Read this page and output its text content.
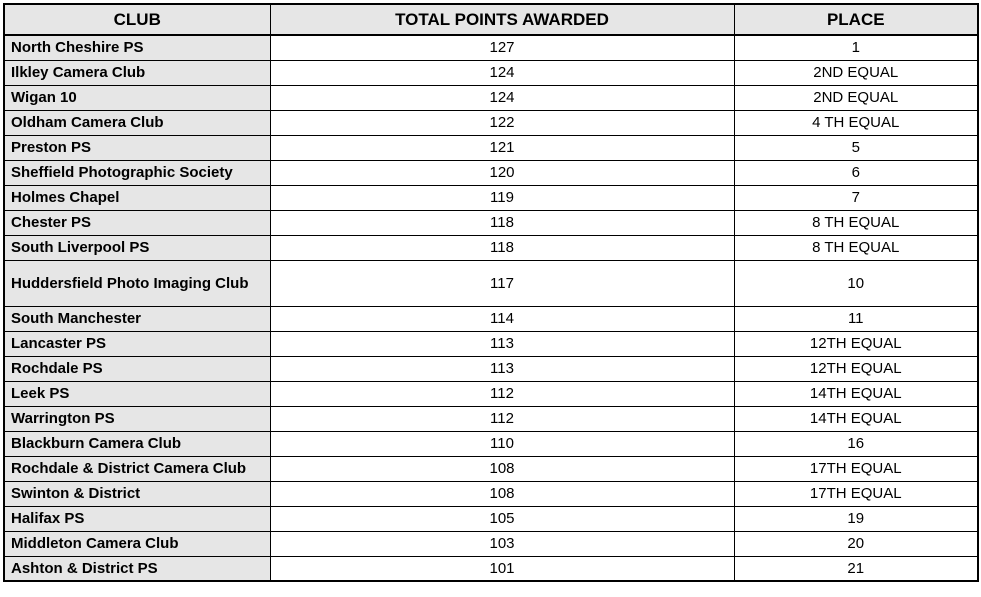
CLUB	TOTAL POINTS AWARDED	PLACE
North Cheshire PS	127	1
Ilkley Camera Club	124	2ND EQUAL
Wigan 10	124	2ND EQUAL
Oldham Camera Club	122	4 TH EQUAL
Preston PS	121	5
Sheffield Photographic Society	120	6
Holmes Chapel	119	7
Chester PS	118	8 TH EQUAL
South Liverpool PS	118	8 TH EQUAL
Huddersfield Photo Imaging Club	117	10
South Manchester	114	11
Lancaster PS	113	12TH EQUAL
Rochdale PS	113	12TH EQUAL
Leek PS	112	14TH EQUAL
Warrington PS	112	14TH EQUAL
Blackburn Camera Club	110	16
Rochdale & District Camera Club	108	17TH EQUAL
Swinton & District	108	17TH EQUAL
Halifax PS	105	19
Middleton Camera Club	103	20
Ashton & District PS	101	21
